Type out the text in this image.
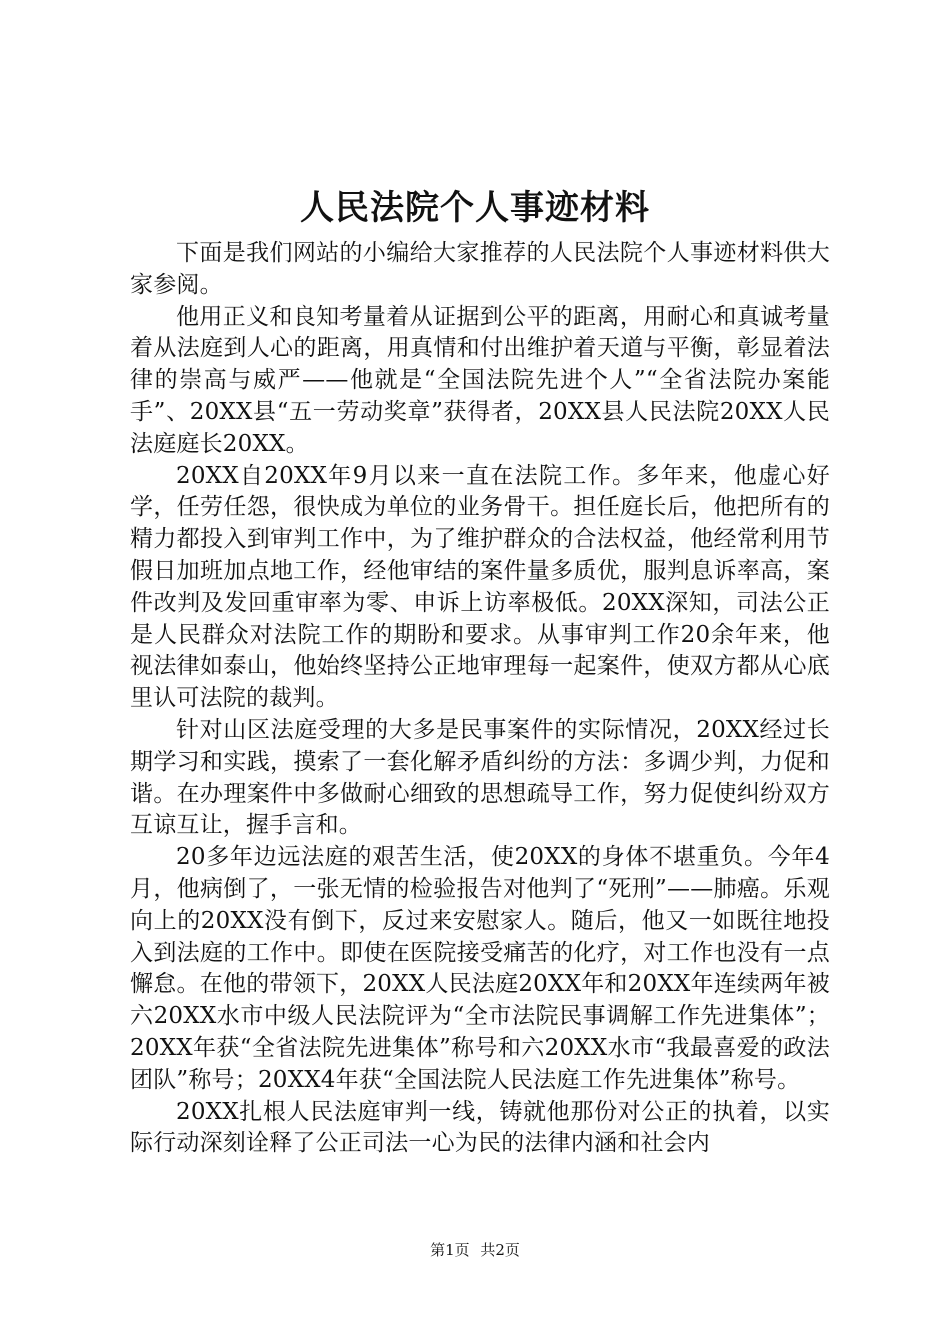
人民法院个人事迹材料

下面是我们网站的小编给大家推荐的人民法院个人事迹材料供大家参阅。

他用正义和良知考量着从证据到公平的距离，用耐心和真诚考量着从法庭到人心的距离，用真情和付出维护着天道与平衡，彰显着法律的崇高与威严——他就是“全国法院先进个人”“全省法院办案能手”、20XX县“五一劳动奖章”获得者，20XX县人民法院20XX人民法庭庭长20XX。

20XX自20XX年9月以来一直在法院工作。多年来，他虚心好学，任劳任怨，很快成为单位的业务骨干。担任庭长后，他把所有的精力都投入到审判工作中，为了维护群众的合法权益，他经常利用节假日加班加点地工作，经他审结的案件量多质优，服判息诉率高，案件改判及发回重审率为零、申诉上访率极低。20XX深知，司法公正是人民群众对法院工作的期盼和要求。从事审判工作20余年来，他视法律如泰山，他始终坚持公正地审理每一起案件，使双方都从心底里认可法院的裁判。

针对山区法庭受理的大多是民事案件的实际情况，20XX经过长期学习和实践，摸索了一套化解矛盾纠纷的方法：多调少判，力促和谐。在办理案件中多做耐心细致的思想疏导工作，努力促使纠纷双方互谅互让，握手言和。

20多年边远法庭的艰苦生活，使20XX的身体不堪重负。今年4月，他病倒了，一张无情的检验报告对他判了“死刑”——肺癌。乐观向上的20XX没有倒下，反过来安慰家人。随后，他又一如既往地投入到法庭的工作中。即使在医院接受痛苦的化疗，对工作也没有一点懈怠。在他的带领下，20XX人民法庭20XX年和20XX年连续两年被六20XX水市中级人民法院评为“全市法院民事调解工作先进集体”；20XX年获“全省法院先进集体”称号和六20XX水市“我最喜爱的政法团队”称号；20XX4年获“全国法院人民法庭工作先进集体”称号。

20XX扎根人民法庭审判一线，铸就他那份对公正的执着，以实际行动深刻诠释了公正司法一心为民的法律内涵和社会内

第1页 共2页
